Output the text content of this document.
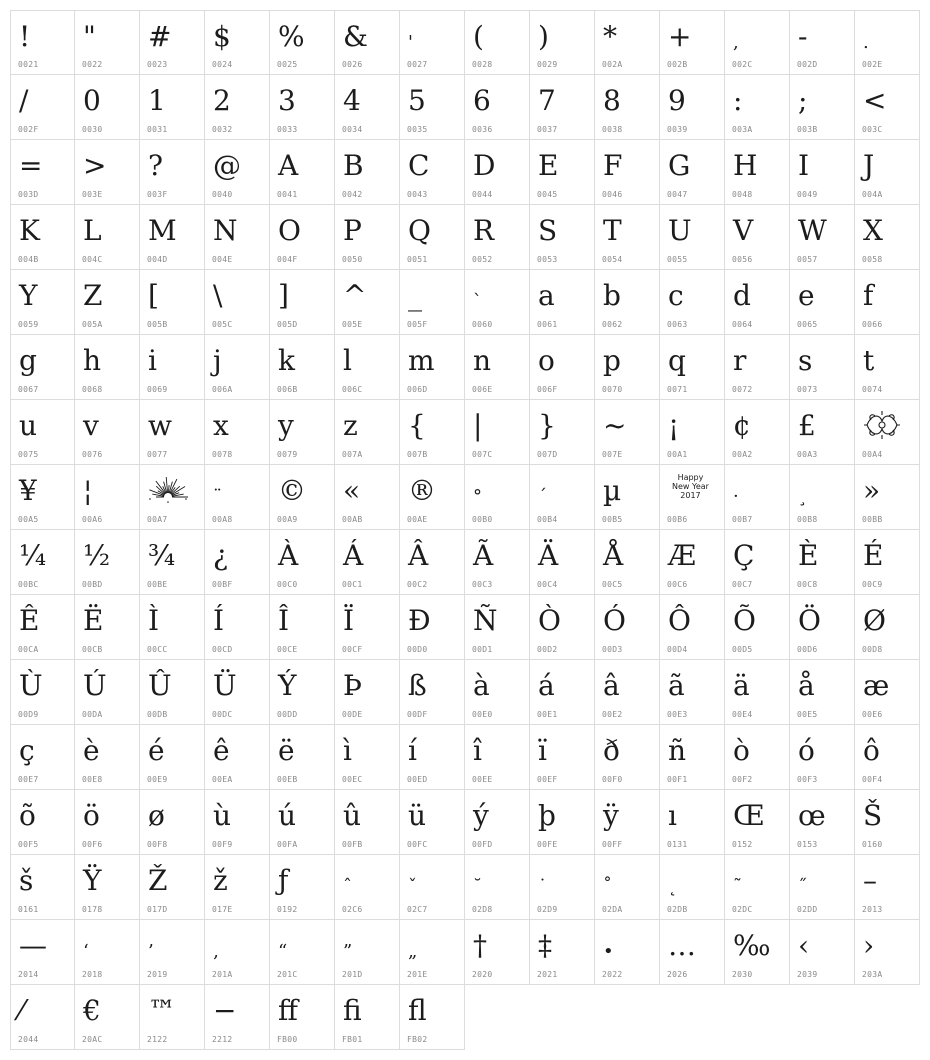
!
0021
"
0022
#
0023
$
0024
%
0025
&
0026
'
0027
(
0028
)
0029
*
002A
+
002B
,
002C
-
002D
.
002E
/
002F
0
0030
1
0031
2
0032
3
0033
4
0034
5
0035
6
0036
7
0037
8
0038
9
0039
:
003A
;
003B
<
003C
=
003D
>
003E
?
003F
@
0040
A
0041
B
0042
C
0043
D
0044
E
0045
F
0046
G
0047
H
0048
I
0049
J
004A
K
004B
L
004C
M
004D
N
004E
O
004F
P
0050
Q
0051
R
0052
S
0053
T
0054
U
0055
V
0056
W
0057
X
0058
Y
0059
Z
005A
[
005B
\
005C
]
005D
^
005E
_
005F
`
0060
a
0061
b
0062
c
0063
d
0064
e
0065
f
0066
g
0067
h
0068
i
0069
j
006A
k
006B
l
006C
m
006D
n
006E
o
006F
p
0070
q
0071
r
0072
s
0073
t
0074
u
0075
v
0076
w
0077
x
0078
y
0079
z
007A
{
007B
|
007C
}
007D
~
007E
¡
00A1
¢
00A2
£
00A3	00A4
¥
00A5
¦
00A6	00A7
¨
00A8
©
00A9
«
00AB
®
00AE
°
00B0
´
00B4
µ
00B5
Happy
New Year
2017
00B6
·
00B7
¸
00B8
»
00BB
¼
00BC
½
00BD
¾
00BE
¿
00BF
À
00C0
Á
00C1
Â
00C2
Ã
00C3
Ä
00C4
Å
00C5
Æ
00C6
Ç
00C7
È
00C8
É
00C9
Ê
00CA
Ë
00CB
Ì
00CC
Í
00CD
Î
00CE
Ï
00CF
Ð
00D0
Ñ
00D1
Ò
00D2
Ó
00D3
Ô
00D4
Õ
00D5
Ö
00D6
Ø
00D8
Ù
00D9
Ú
00DA
Û
00DB
Ü
00DC
Ý
00DD
Þ
00DE
ß
00DF
à
00E0
á
00E1
â
00E2
ã
00E3
ä
00E4
å
00E5
æ
00E6
ç
00E7
è
00E8
é
00E9
ê
00EA
ë
00EB
ì
00EC
í
00ED
î
00EE
ï
00EF
ð
00F0
ñ
00F1
ò
00F2
ó
00F3
ô
00F4
õ
00F5
ö
00F6
ø
00F8
ù
00F9
ú
00FA
û
00FB
ü
00FC
ý
00FD
þ
00FE
ÿ
00FF
ı
0131
Œ
0152
œ
0153
Š
0160
š
0161
Ÿ
0178
Ž
017D
ž
017E
ƒ
0192
ˆ
02C6
ˇ
02C7
˘
02D8
˙
02D9
˚
02DA
˛
02DB
˜
02DC
˝
02DD
–
2013
—
2014
‘
2018
’
2019
‚
201A
“
201C
”
201D
„
201E
†
2020
‡
2021
•
2022
…
2026
‰
2030
‹
2039
›
203A
⁄
2044
€
20AC
™
2122
−
2212
ﬀ
FB00
ﬁ
FB01
ﬂ
FB02
